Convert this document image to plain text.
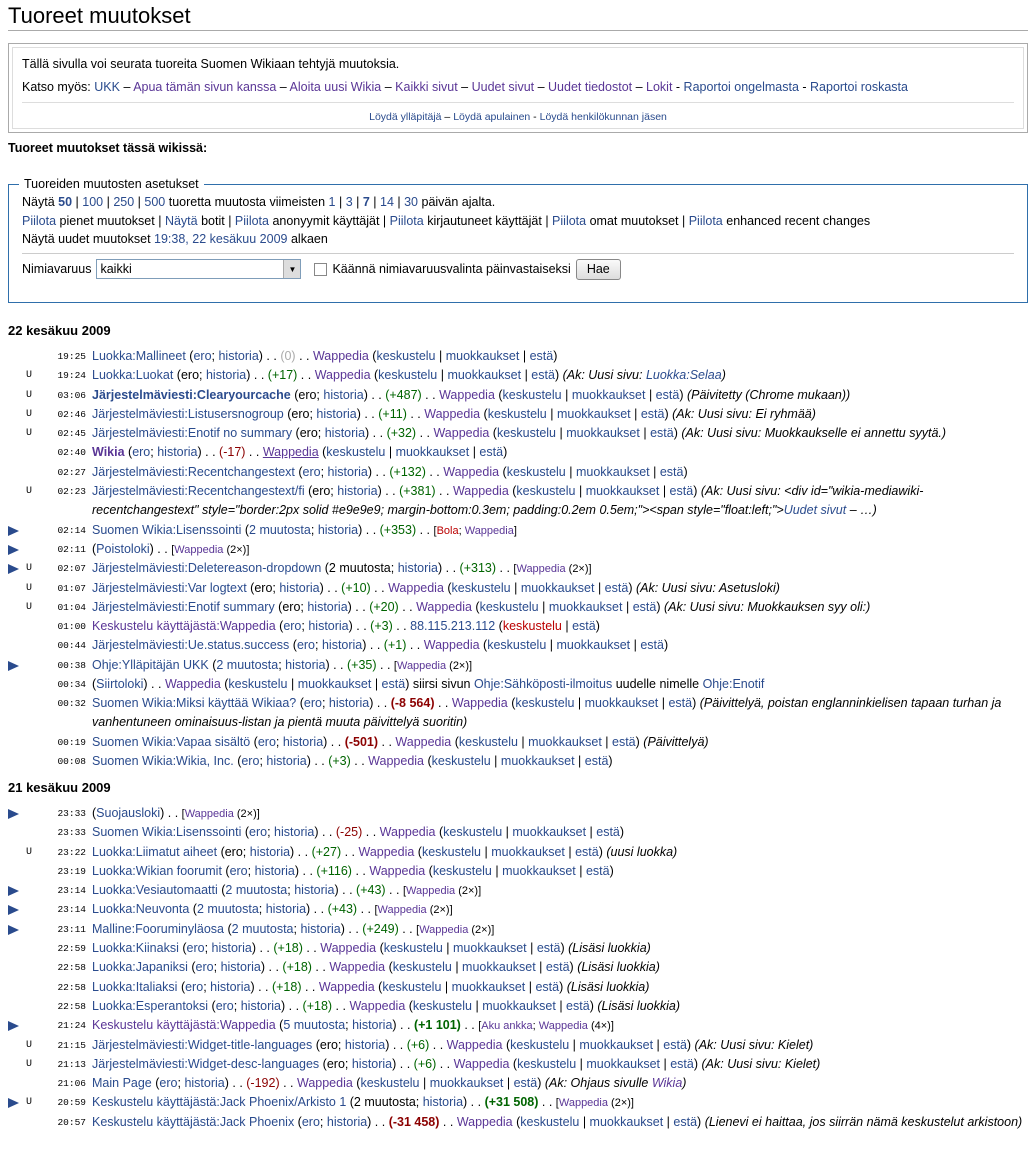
Tuoreet muutokset
Tällä sivulla voi seurata tuoreita Suomen Wikiaan tehtyjä muutoksia.
Katso myös: UKK – Apua tämän sivun kanssa – Aloita uusi Wikia – Kaikki sivut – Uudet sivut – Uudet tiedostot – Lokit - Raportoi ongelmasta - Raportoi roskasta
Löydä ylläpitäjä – Löydä apulainen - Löydä henkilökunnan jäsen
Tuoreet muutokset tässä wikissä:
Tuoreiden muutosten asetukset
Näytä 50 | 100 | 250 | 500 tuoretta muutosta viimeisten 1 | 3 | 7 | 14 | 30 päivän ajalta.
Piilota pienet muutokset | Näytä botit | Piilota anonyymit käyttäjät | Piilota kirjautuneet käyttäjät | Piilota omat muutokset | Piilota enhanced recent changes
Näytä uudet muutokset 19:38, 22 kesäkuu 2009 alkaen
Nimiavaruus kaikki	▼	Käännä nimiavaruusvalinta päinvastaiseksi	Hae
22 kesäkuu 2009
19:25 Luokka:Mallineet (ero; historia) . . (0) . . Wappedia (keskustelu | muokkaukset | estä)
U	19:24 Luokka:Luokat (ero; historia) . . (+17) . . Wappedia (keskustelu | muokkaukset | estä) (Ak: Uusi sivu: Luokka:Selaa)
U	03:06 Järjestelmäviesti:Clearyourcache (ero; historia) . . (+487) . . Wappedia (keskustelu | muokkaukset | estä) (Päivitetty (Chrome mukaan))
U	02:46 Järjestelmäviesti:Listusersnogroup (ero; historia) . . (+11) . . Wappedia (keskustelu | muokkaukset | estä) (Ak: Uusi sivu: Ei ryhmää)
U	02:45 Järjestelmäviesti:Enotif no summary (ero; historia) . . (+32) . . Wappedia (keskustelu | muokkaukset | estä) (Ak: Uusi sivu: Muokkaukselle ei annettu syytä.)
02:40 Wikia (ero; historia) . . (-17) . . Wappedia (keskustelu | muokkaukset | estä)
02:27 Järjestelmäviesti:Recentchangestext (ero; historia) . . (+132) . . Wappedia (keskustelu | muokkaukset | estä)
U	02:23 Järjestelmäviesti:Recentchangestext/fi (ero; historia) . . (+381) . . Wappedia (keskustelu | muokkaukset | estä) (Ak: Uusi sivu: <div id="wikia-mediawiki-recentchangestext" style="border:2px solid #e9e9e9; margin-bottom:0.3em; padding:0.2em 0.5em;"><span style="float:left;">Uudet sivut – …)
02:14 Suomen Wikia:Lisenssointi (2 muutosta; historia) . . (+353) . . [Bola; Wappedia]
02:11 (Poistoloki) . . [Wappedia (2×)]
U	02:07 Järjestelmäviesti:Deletereason-dropdown (2 muutosta; historia) . . (+313) . . [Wappedia (2×)]
U	01:07 Järjestelmäviesti:Var logtext (ero; historia) . . (+10) . . Wappedia (keskustelu | muokkaukset | estä) (Ak: Uusi sivu: Asetusloki)
U	01:04 Järjestelmäviesti:Enotif summary (ero; historia) . . (+20) . . Wappedia (keskustelu | muokkaukset | estä) (Ak: Uusi sivu: Muokkauksen syy oli:)
01:00 Keskustelu käyttäjästä:Wappedia (ero; historia) . . (+3) . . 88.115.213.112 (keskustelu | estä)
00:44 Järjestelmäviesti:Ue.status.success (ero; historia) . . (+1) . . Wappedia (keskustelu | muokkaukset | estä)
00:38 Ohje:Ylläpitäjän UKK (2 muutosta; historia) . . (+35) . . [Wappedia (2×)]
00:34 (Siirtoloki) . . Wappedia (keskustelu | muokkaukset | estä) siirsi sivun Ohje:Sähköposti-ilmoitus uudelle nimelle Ohje:Enotif
00:32 Suomen Wikia:Miksi käyttää Wikiaa? (ero; historia) . . (-8 564) . . Wappedia (keskustelu | muokkaukset | estä) (Päivittelyä, poistan englanninkielisen tapaan turhan ja vanhentuneen ominaisuus-listan ja pientä muuta päivittelyä suoritin)
00:19 Suomen Wikia:Vapaa sisältö (ero; historia) . . (-501) . . Wappedia (keskustelu | muokkaukset | estä) (Päivittelyä)
00:08 Suomen Wikia:Wikia, Inc. (ero; historia) . . (+3) . . Wappedia (keskustelu | muokkaukset | estä)
21 kesäkuu 2009
23:33 (Suojausloki) . . [Wappedia (2×)]
23:33 Suomen Wikia:Lisenssointi (ero; historia) . . (-25) . . Wappedia (keskustelu | muokkaukset | estä)
U	23:22 Luokka:Liimatut aiheet (ero; historia) . . (+27) . . Wappedia (keskustelu | muokkaukset | estä) (uusi luokka)
23:19 Luokka:Wikian foorumit (ero; historia) . . (+116) . . Wappedia (keskustelu | muokkaukset | estä)
23:14 Luokka:Vesiautomaatti (2 muutosta; historia) . . (+43) . . [Wappedia (2×)]
23:14 Luokka:Neuvonta (2 muutosta; historia) . . (+43) . . [Wappedia (2×)]
23:11 Malline:Fooruminyläosa (2 muutosta; historia) . . (+249) . . [Wappedia (2×)]
22:59 Luokka:Kiinaksi (ero; historia) . . (+18) . . Wappedia (keskustelu | muokkaukset | estä) (Lisäsi luokkia)
22:58 Luokka:Japaniksi (ero; historia) . . (+18) . . Wappedia (keskustelu | muokkaukset | estä) (Lisäsi luokkia)
22:58 Luokka:Italiaksi (ero; historia) . . (+18) . . Wappedia (keskustelu | muokkaukset | estä) (Lisäsi luokkia)
22:58 Luokka:Esperantoksi (ero; historia) . . (+18) . . Wappedia (keskustelu | muokkaukset | estä) (Lisäsi luokkia)
21:24 Keskustelu käyttäjästä:Wappedia (5 muutosta; historia) . . (+1 101) . . [Aku ankka; Wappedia (4×)]
U	21:15 Järjestelmäviesti:Widget-title-languages (ero; historia) . . (+6) . . Wappedia (keskustelu | muokkaukset | estä) (Ak: Uusi sivu: Kielet)
U	21:13 Järjestelmäviesti:Widget-desc-languages (ero; historia) . . (+6) . . Wappedia (keskustelu | muokkaukset | estä) (Ak: Uusi sivu: Kielet)
21:06 Main Page (ero; historia) . . (-192) . . Wappedia (keskustelu | muokkaukset | estä) (Ak: Ohjaus sivulle Wikia)
U	20:59 Keskustelu käyttäjästä:Jack Phoenix/Arkisto 1 (2 muutosta; historia) . . (+31 508) . . [Wappedia (2×)]
20:57 Keskustelu käyttäjästä:Jack Phoenix (ero; historia) . . (-31 458) . . Wappedia (keskustelu | muokkaukset | estä) (Lienevi ei haittaa, jos siirrän nämä keskustelut arkistoon)
